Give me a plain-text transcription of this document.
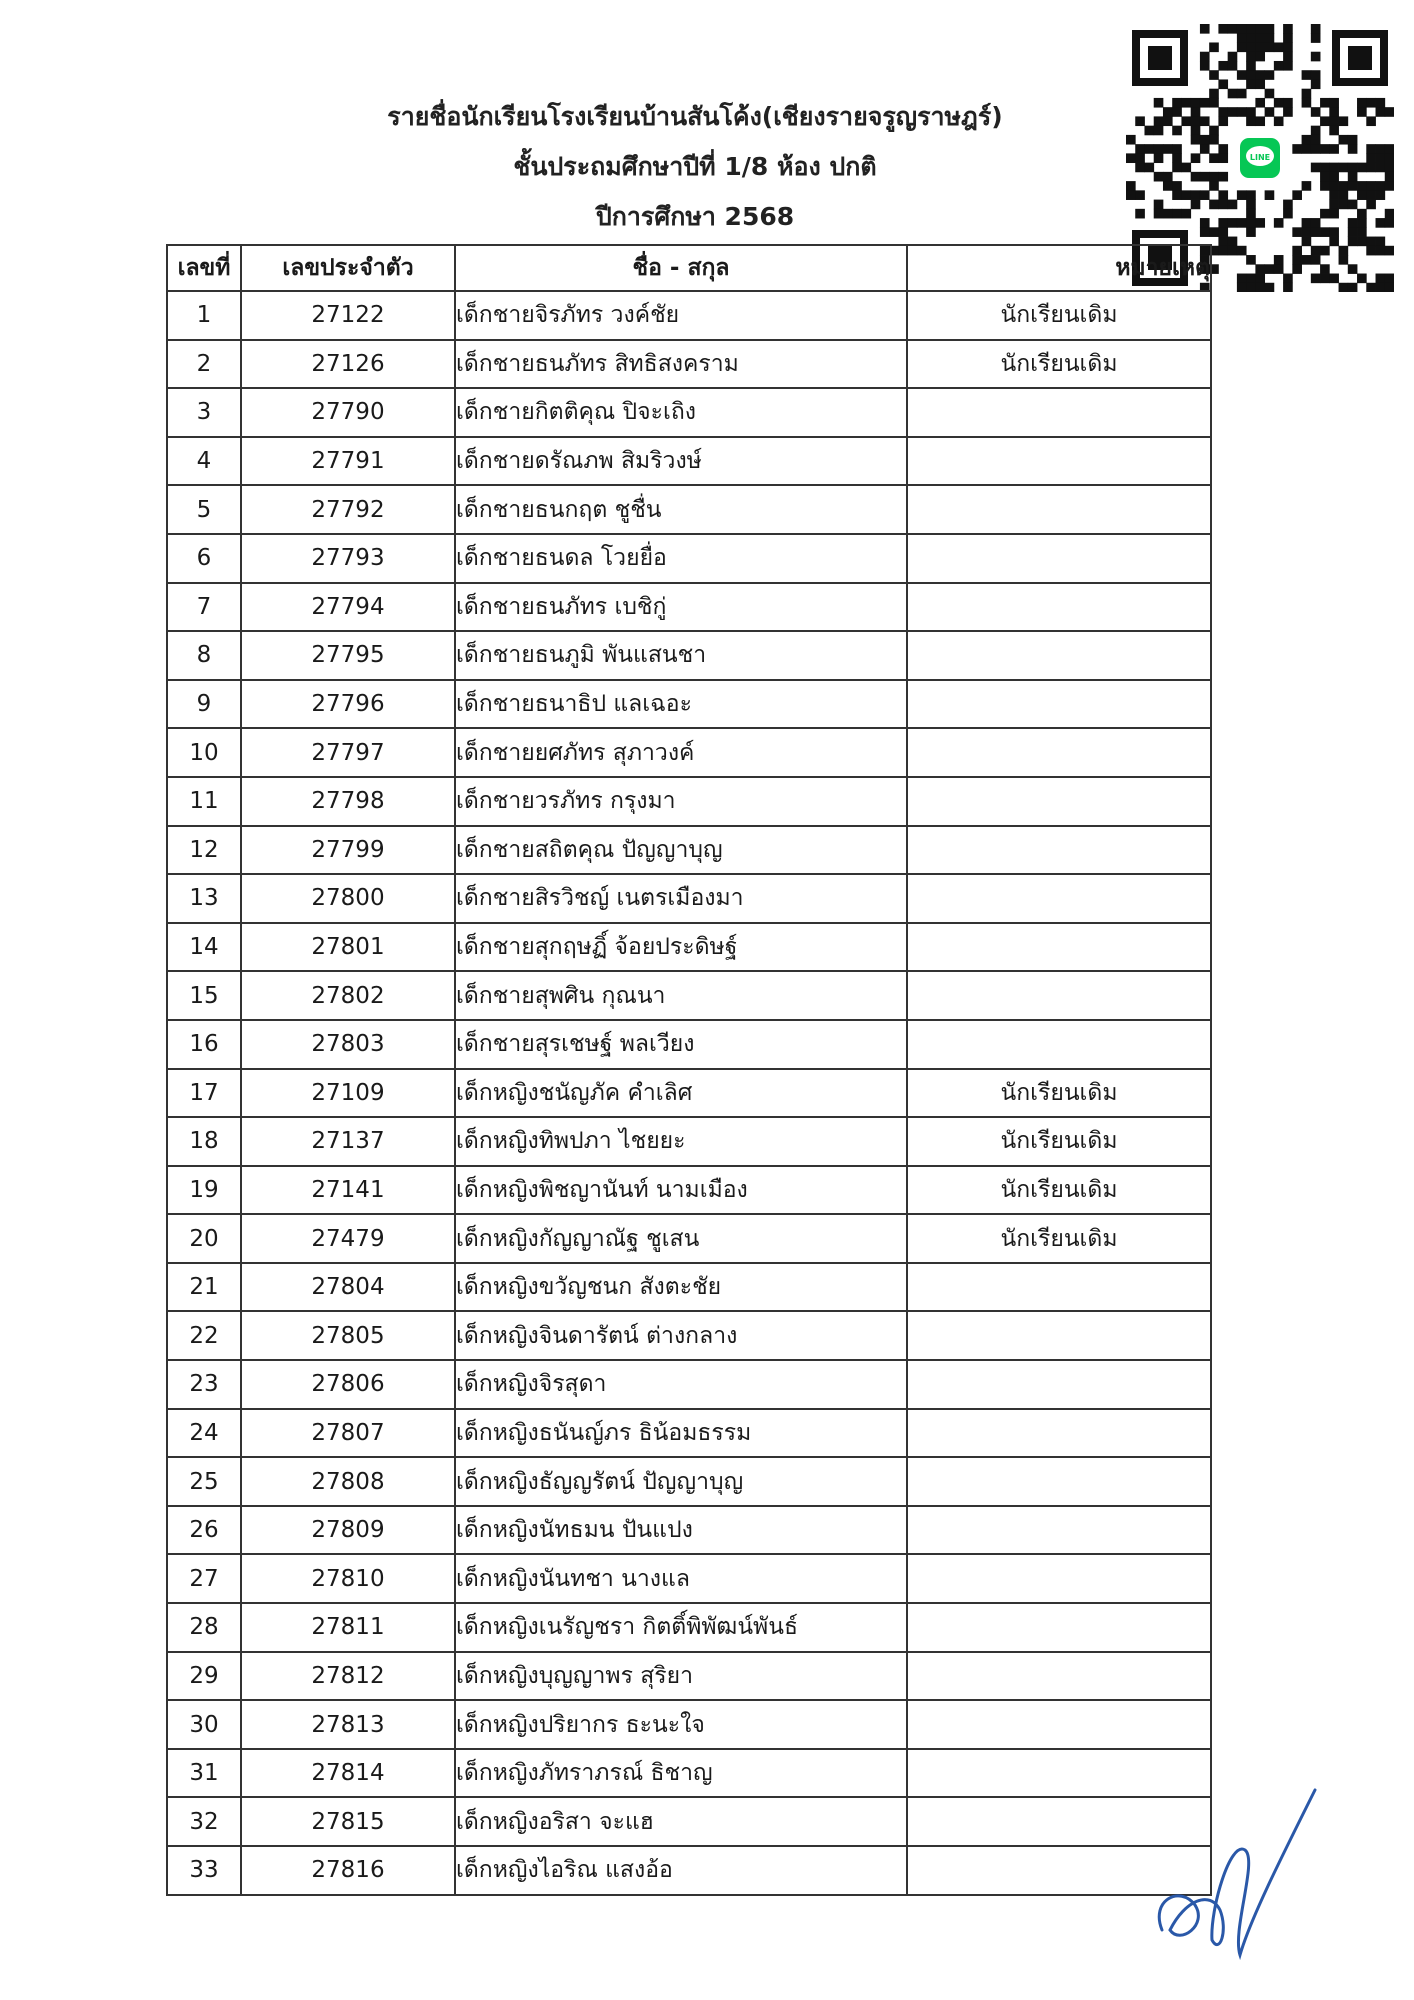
รายชื่อนักเรียนโรงเรียนบ้านสันโค้ง(เชียงรายจรูญราษฎร์)
ชั้นประถมศึกษาปีที่ 1/8 ห้อง ปกติ
ปีการศึกษา 2568
LINE
เลขที่	เลขประจำตัว	ชื่อ - สกุล	หมายเหตุ
1	27122	เด็กชายจิรภัทร วงค์ชัย	นักเรียนเดิม
2	27126	เด็กชายธนภัทร สิทธิสงคราม	นักเรียนเดิม
3	27790	เด็กชายกิตติคุณ ปิจะเถิง	
4	27791	เด็กชายดรัณภพ สิมริวงษ์	
5	27792	เด็กชายธนกฤต ชูชื่น	
6	27793	เด็กชายธนดล โวยยื่อ	
7	27794	เด็กชายธนภัทร เบชิกู่	
8	27795	เด็กชายธนภูมิ พันแสนชา	
9	27796	เด็กชายธนาธิป แลเฉอะ	
10	27797	เด็กชายยศภัทร สุภาวงค์	
11	27798	เด็กชายวรภัทร กรุงมา	
12	27799	เด็กชายสถิตคุณ ปัญญาบุญ	
13	27800	เด็กชายสิรวิชญ์ เนตรเมืองมา	
14	27801	เด็กชายสุกฤษฏิ์ จ้อยประดิษฐ์	
15	27802	เด็กชายสุพศิน กุณนา	
16	27803	เด็กชายสุรเชษฐ์ พลเวียง	
17	27109	เด็กหญิงชนัญภัค คำเลิศ	นักเรียนเดิม
18	27137	เด็กหญิงทิพปภา ไชยยะ	นักเรียนเดิม
19	27141	เด็กหญิงพิชญานันท์ นามเมือง	นักเรียนเดิม
20	27479	เด็กหญิงกัญญาณัฐ ชูเสน	นักเรียนเดิม
21	27804	เด็กหญิงขวัญชนก สังตะชัย	
22	27805	เด็กหญิงจินดารัตน์ ต่างกลาง	
23	27806	เด็กหญิงจิรสุดา	
24	27807	เด็กหญิงธนันญ์ภร ธิน้อมธรรม	
25	27808	เด็กหญิงธัญญรัตน์ ปัญญาบุญ	
26	27809	เด็กหญิงนัทธมน ปันแปง	
27	27810	เด็กหญิงนันทชา นางแล	
28	27811	เด็กหญิงเนรัญชรา กิตติ์พิพัฒน์พันธ์	
29	27812	เด็กหญิงบุญญาพร สุริยา	
30	27813	เด็กหญิงปริยากร ธะนะใจ	
31	27814	เด็กหญิงภัทราภรณ์ ธิชาญ	
32	27815	เด็กหญิงอริสา จะแฮ	
33	27816	เด็กหญิงไอริณ แสงอ้อ	
